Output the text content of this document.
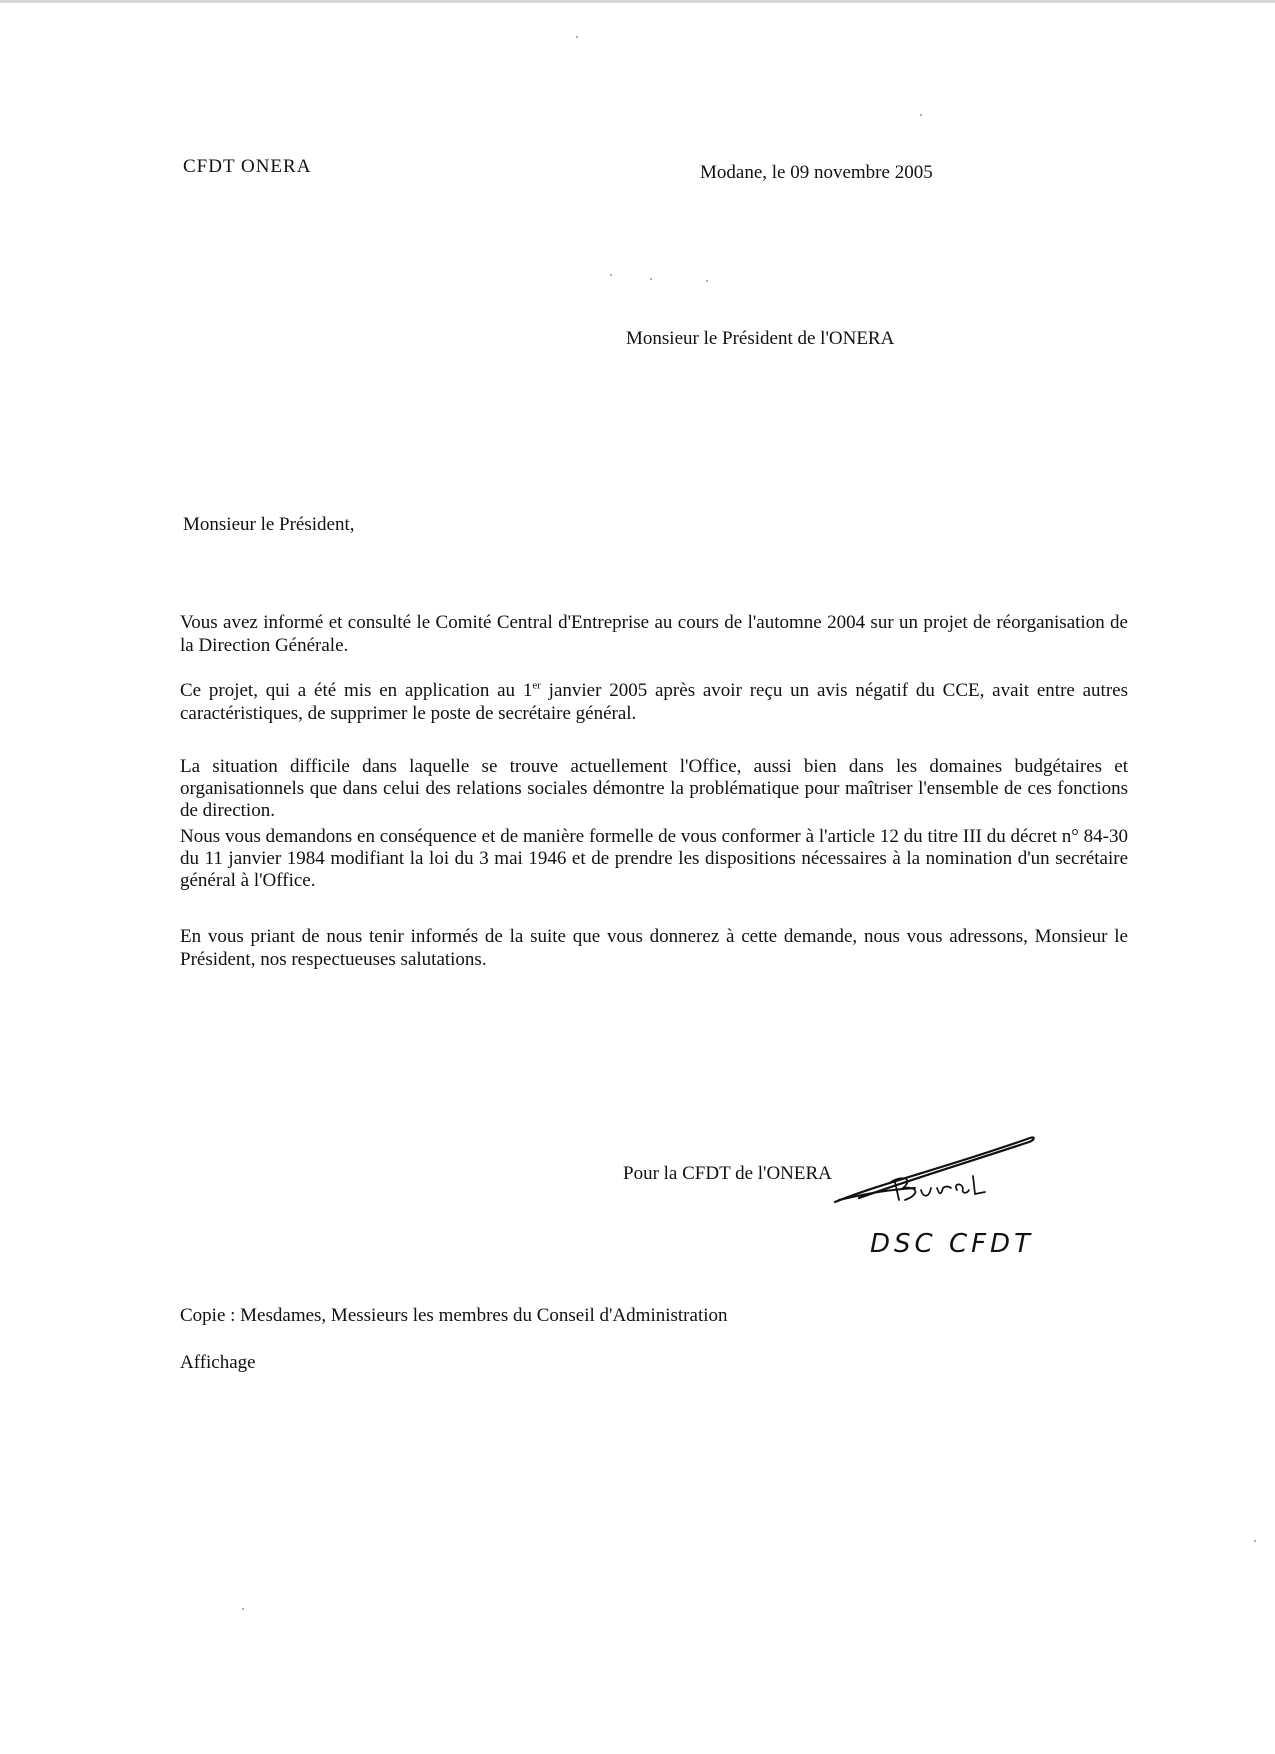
CFDT ONERA	Modane, le 09 novembre 2005
Monsieur le Président de l'ONERA
Monsieur le Président,
Vous avez informé et consulté le Comité Central d'Entreprise au cours de l'automne 2004 sur un projet de réorganisation de la Direction Générale.
Ce projet, qui a été mis en application au 1er janvier 2005 après avoir reçu un avis négatif du CCE, avait entre autres caractéristiques, de supprimer le poste de secrétaire général.
La situation difficile dans laquelle se trouve actuellement l'Office, aussi bien dans les domaines budgétaires et organisationnels que dans celui des relations sociales démontre la problématique pour maîtriser l'ensemble de ces fonctions de direction.
Nous vous demandons en conséquence et de manière formelle de vous conformer à l'article 12 du titre III du décret n° 84-30 du 11 janvier 1984 modifiant la loi du 3 mai 1946 et de prendre les dispositions nécessaires à la nomination d'un secrétaire général à l'Office.
En vous priant de nous tenir informés de la suite que vous donnerez à cette demande, nous vous adressons, Monsieur le Président, nos respectueuses salutations.
Pour la CFDT de l'ONERA
DSC CFDT
Copie : Mesdames, Messieurs les membres du Conseil d'Administration
Affichage
